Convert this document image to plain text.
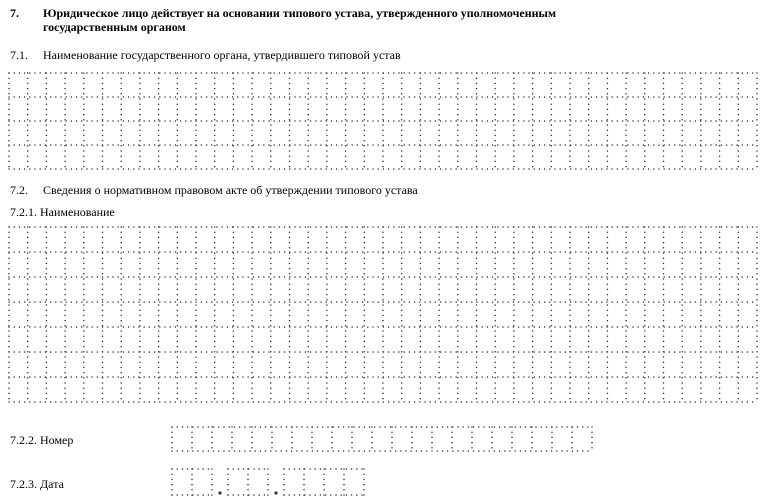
7. Юридическое лицо действует на основании типового устава, утвержденного уполномоченным
государственным органом
7.1. Наименование государственного органа, утвердившего типовой устав
7.2. Сведения о нормативном правовом акте об утверждении типового устава
7.2.1. Наименование
7.2.2. Номер
7.2.3. Дата
